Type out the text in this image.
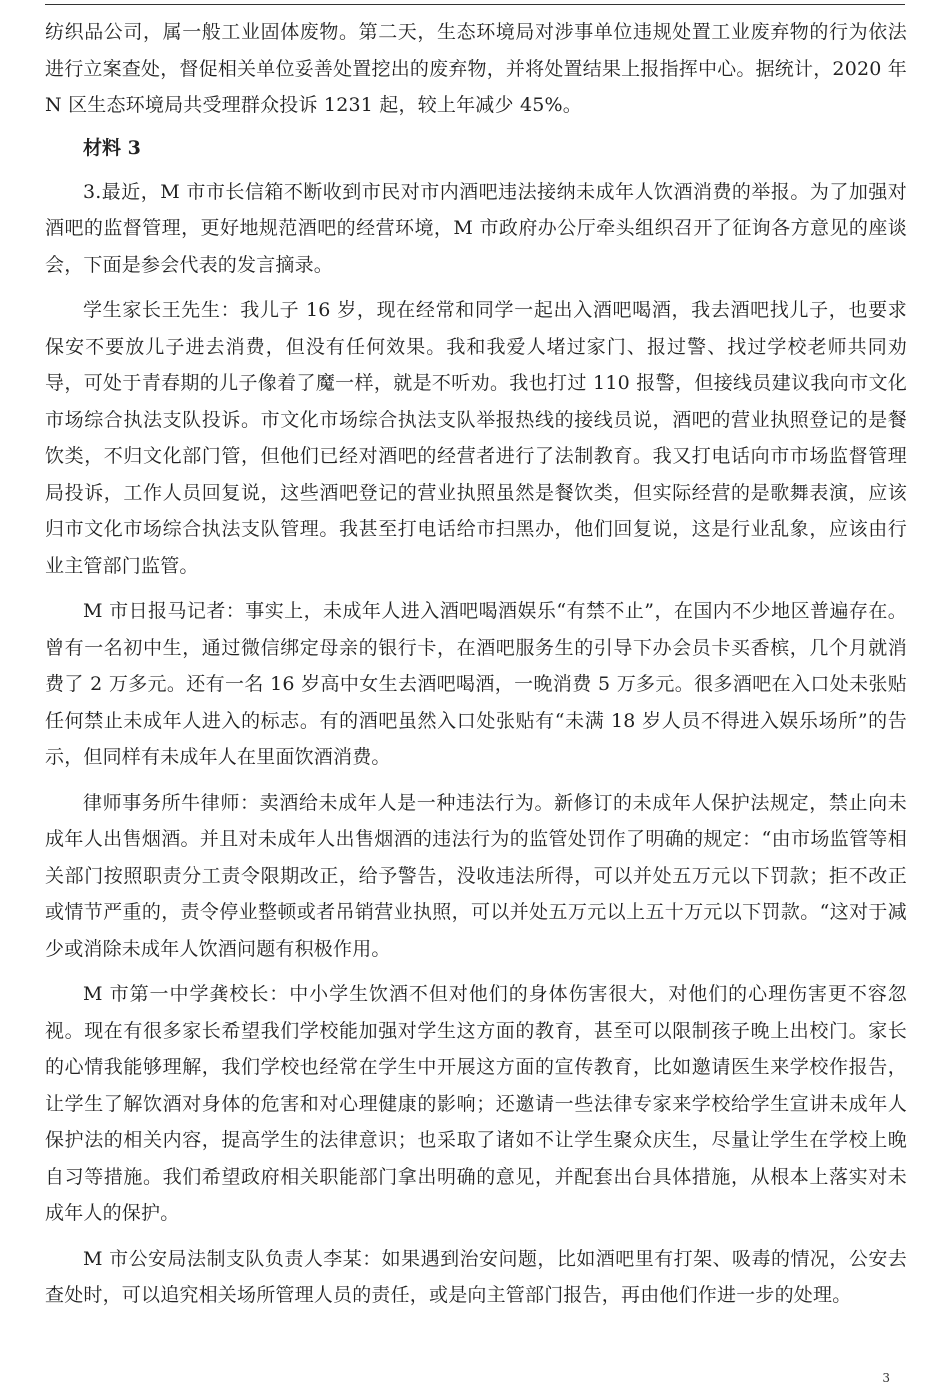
纺织品公司，属一般工业固体废物。第二天，生态环境局对涉事单位违规处置工业废弃物的行为依法进行立案查处，督促相关单位妥善处置挖出的废弃物，并将处置结果上报指挥中心。据统计，2020 年 N 区生态环境局共受理群众投诉 1231 起，较上年减少 45%。

材料 3

3.最近，M 市市长信箱不断收到市民对市内酒吧违法接纳未成年人饮酒消费的举报。为了加强对酒吧的监督管理，更好地规范酒吧的经营环境，M 市政府办公厅牵头组织召开了征询各方意见的座谈会，下面是参会代表的发言摘录。

学生家长王先生：我儿子 16 岁，现在经常和同学一起出入酒吧喝酒，我去酒吧找儿子，也要求保安不要放儿子进去消费，但没有任何效果。我和我爱人堵过家门、报过警、找过学校老师共同劝导，可处于青春期的儿子像着了魔一样，就是不听劝。我也打过 110 报警，但接线员建议我向市文化市场综合执法支队投诉。市文化市场综合执法支队举报热线的接线员说，酒吧的营业执照登记的是餐饮类，不归文化部门管，但他们已经对酒吧的经营者进行了法制教育。我又打电话向市市场监督管理局投诉，工作人员回复说，这些酒吧登记的营业执照虽然是餐饮类，但实际经营的是歌舞表演，应该归市文化市场综合执法支队管理。我甚至打电话给市扫黑办，他们回复说，这是行业乱象，应该由行业主管部门监管。

M 市日报马记者：事实上，未成年人进入酒吧喝酒娱乐“有禁不止”，在国内不少地区普遍存在。曾有一名初中生，通过微信绑定母亲的银行卡，在酒吧服务生的引导下办会员卡买香槟，几个月就消费了 2 万多元。还有一名 16 岁高中女生去酒吧喝酒，一晚消费 5 万多元。很多酒吧在入口处未张贴任何禁止未成年人进入的标志。有的酒吧虽然入口处张贴有“未满 18 岁人员不得进入娱乐场所”的告示，但同样有未成年人在里面饮酒消费。

律师事务所牛律师：卖酒给未成年人是一种违法行为。新修订的未成年人保护法规定，禁止向未成年人出售烟酒。并且对未成年人出售烟酒的违法行为的监管处罚作了明确的规定：“由市场监管等相关部门按照职责分工责令限期改正，给予警告，没收违法所得，可以并处五万元以下罚款；拒不改正或情节严重的，责令停业整顿或者吊销营业执照，可以并处五万元以上五十万元以下罚款。“这对于减少或消除未成年人饮酒问题有积极作用。

M 市第一中学龚校长：中小学生饮酒不但对他们的身体伤害很大，对他们的心理伤害更不容忽视。现在有很多家长希望我们学校能加强对学生这方面的教育，甚至可以限制孩子晚上出校门。家长的心情我能够理解，我们学校也经常在学生中开展这方面的宣传教育，比如邀请医生来学校作报告，让学生了解饮酒对身体的危害和对心理健康的影响；还邀请一些法律专家来学校给学生宣讲未成年人保护法的相关内容，提高学生的法律意识；也采取了诸如不让学生聚众庆生，尽量让学生在学校上晚自习等措施。我们希望政府相关职能部门拿出明确的意见，并配套出台具体措施，从根本上落实对未成年人的保护。

M 市公安局法制支队负责人李某：如果遇到治安问题，比如酒吧里有打架、吸毒的情况，公安去查处时，可以追究相关场所管理人员的责任，或是向主管部门报告，再由他们作进一步的处理。

3
